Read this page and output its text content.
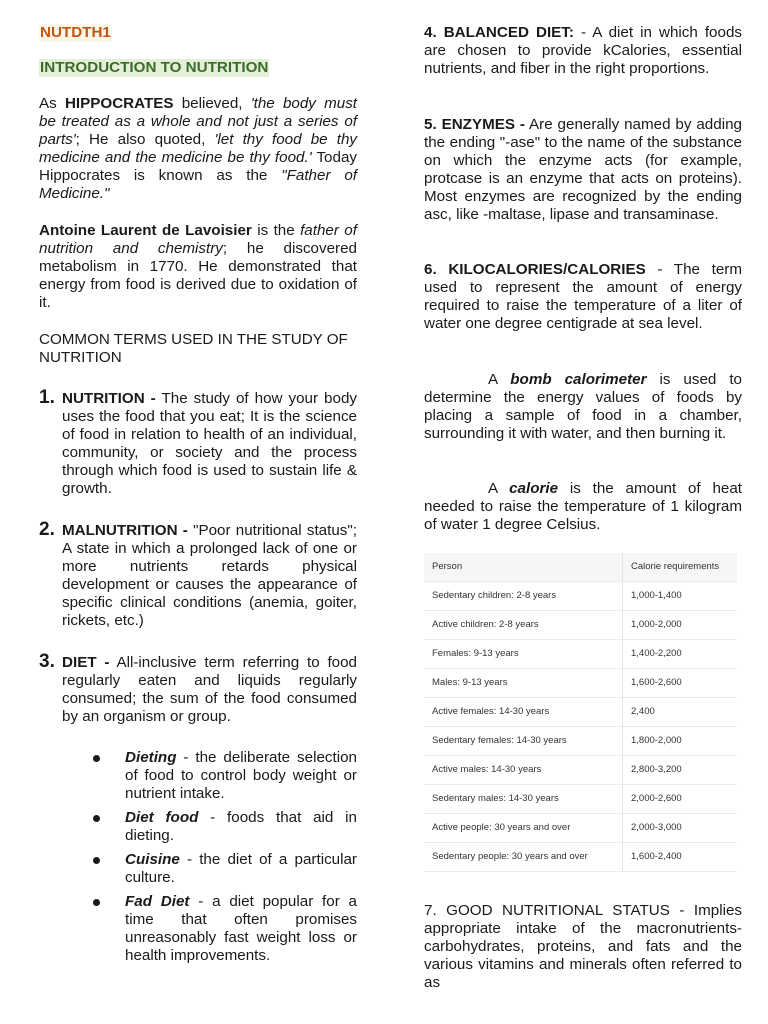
NUTDTH1
INTRODUCTION TO NUTRITION

As HIPPOCRATES believed, 'the body must be treated as a whole and not just a series of parts'; He also quoted, 'let thy food be thy medicine and the medicine be thy food.' Today Hippocrates is known as the "Father of Medicine."

Antoine Laurent de Lavoisier is the father of nutrition and chemistry; he discovered metabolism in 1770. He demonstrated that energy from food is derived due to oxidation of it.

COMMON TERMS USED IN THE STUDY OF NUTRITION

1. NUTRITION - The study of how your body uses the food that you eat; It is the science of food in relation to health of an individual, community, or society and the process through which food is used to sustain life & growth.

2. MALNUTRITION - "Poor nutritional status"; A state in which a prolonged lack of one or more nutrients retards physical development or causes the appearance of specific clinical conditions (anemia, goiter, rickets, etc.)

3. DIET - All-inclusive term referring to food regularly eaten and liquids regularly consumed; the sum of the food consumed by an organism or group.

Dieting - the deliberate selection of food to control body weight or nutrient intake.

Diet food - foods that aid in dieting.

Cuisine - the diet of a particular culture.

Fad Diet - a diet popular for a time that often promises unreasonably fast weight loss or health improvements.

4. BALANCED DIET: - A diet in which foods are chosen to provide kCalories, essential nutrients, and fiber in the right proportions.

5. ENZYMES - Are generally named by adding the ending "-ase" to the name of the substance on which the enzyme acts (for example, protcase is an enzyme that acts on proteins). Most enzymes are recognized by the ending asc, like -maltase, lipase and transaminase.

6. KILOCALORIES/CALORIES - The term used to represent the amount of energy required to raise the temperature of a liter of water one degree centigrade at sea level.

A bomb calorimeter is used to determine the energy values of foods by placing a sample of food in a chamber, surrounding it with water, and then burning it.

A calorie is the amount of heat needed to raise the temperature of 1 kilogram of water 1 degree Celsius.

Person	Calorie requirements
Sedentary children: 2-8 years	1,000-1,400
Active children: 2-8 years	1,000-2,000
Females: 9-13 years	1,400-2,200
Males: 9-13 years	1,600-2,600
Active females: 14-30 years	2,400
Sedentary females: 14-30 years	1,800-2,000
Active males: 14-30 years	2,800-3,200
Sedentary males: 14-30 years	2,000-2,600
Active people: 30 years and over	2,000-3,000
Sedentary people: 30 years and over	1,600-2,400

7. GOOD NUTRITIONAL STATUS - Implies appropriate intake of the macronutrients-carbohydrates, proteins, and fats and the various vitamins and minerals often referred to as
